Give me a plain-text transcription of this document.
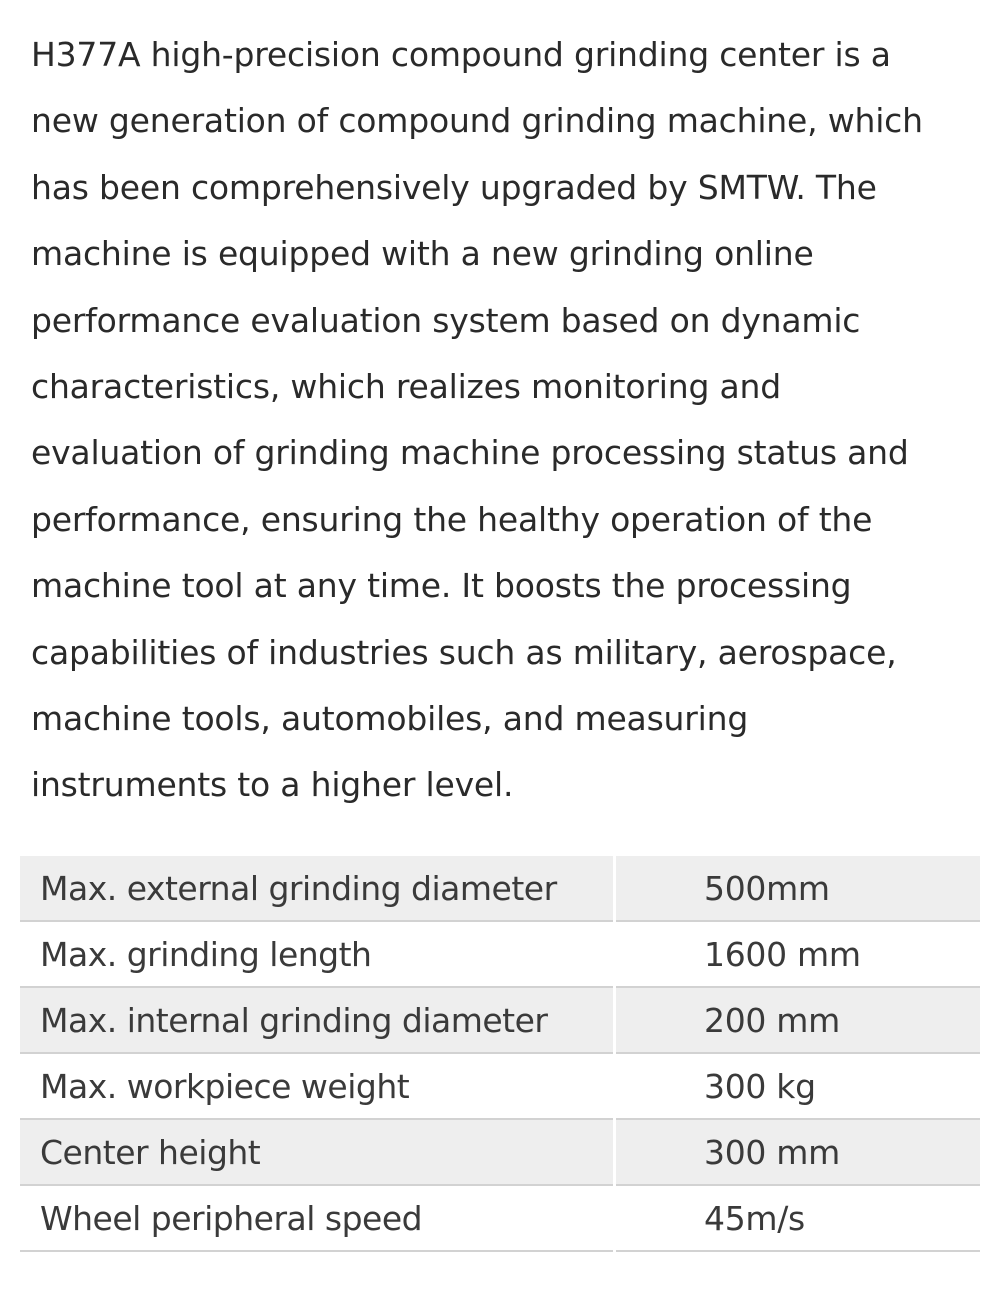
H377A high-precision compound grinding center is a
new generation of compound grinding machine, which
has been comprehensively upgraded by SMTW. The
machine is equipped with a new grinding online
performance evaluation system based on dynamic
characteristics, which realizes monitoring and
evaluation of grinding machine processing status and
performance, ensuring the healthy operation of the
machine tool at any time. It boosts the processing
capabilities of industries such as military, aerospace,
machine tools, automobiles, and measuring
instruments to a higher level.
Max. external grinding diameter	500mm
Max. grinding length	1600 mm
Max. internal grinding diameter	200 mm
Max. workpiece weight	300 kg
Center height	300 mm
Wheel peripheral speed	45m/s
